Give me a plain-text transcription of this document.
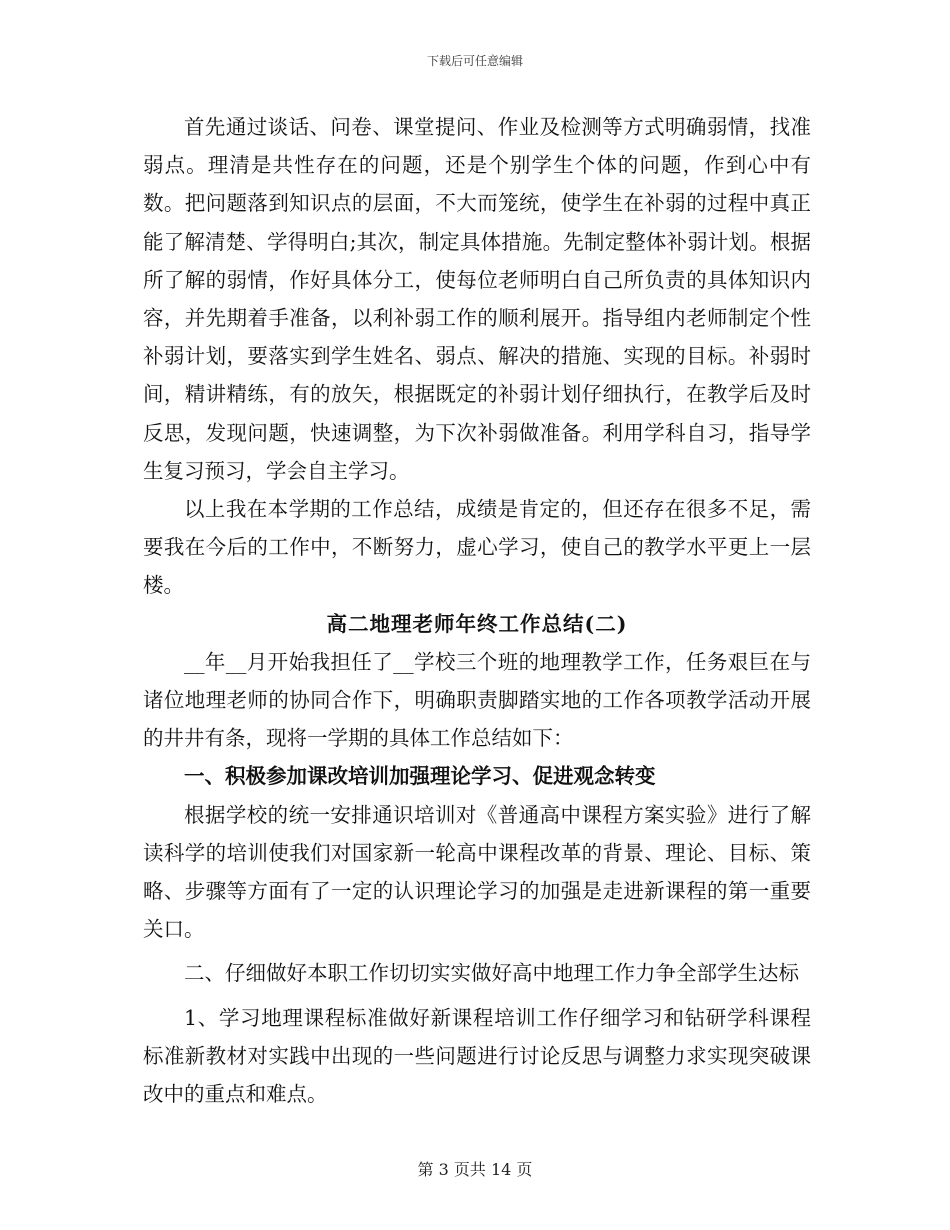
下载后可任意编辑

首先通过谈话、问卷、课堂提问、作业及检测等方式明确弱情，找准弱点。理清是共性存在的问题，还是个别学生个体的问题，作到心中有数。把问题落到知识点的层面，不大而笼统，使学生在补弱的过程中真正能了解清楚、学得明白;其次，制定具体措施。先制定整体补弱计划。根据所了解的弱情，作好具体分工，使每位老师明白自己所负责的具体知识内容，并先期着手准备，以利补弱工作的顺利展开。指导组内老师制定个性补弱计划，要落实到学生姓名、弱点、解决的措施、实现的目标。补弱时间，精讲精练，有的放矢，根据既定的补弱计划仔细执行，在教学后及时反思，发现问题，快速调整，为下次补弱做准备。利用学科自习，指导学生复习预习，学会自主学习。

以上我在本学期的工作总结，成绩是肯定的，但还存在很多不足，需要我在今后的工作中，不断努力，虚心学习，使自己的教学水平更上一层楼。

高二地理老师年终工作总结(二)

__年__月开始我担任了__学校三个班的地理教学工作，任务艰巨在与诸位地理老师的协同合作下，明确职责脚踏实地的工作各项教学活动开展的井井有条，现将一学期的具体工作总结如下：

一、积极参加课改培训加强理论学习、促进观念转变

根据学校的统一安排通识培训对《普通高中课程方案实验》进行了解读科学的培训使我们对国家新一轮高中课程改革的背景、理论、目标、策略、步骤等方面有了一定的认识理论学习的加强是走进新课程的第一重要关口。

二、仔细做好本职工作切切实实做好高中地理工作力争全部学生达标

1、学习地理课程标准做好新课程培训工作仔细学习和钻研学科课程标准新教材对实践中出现的一些问题进行讨论反思与调整力求实现突破课改中的重点和难点。

第 3 页共 14 页
